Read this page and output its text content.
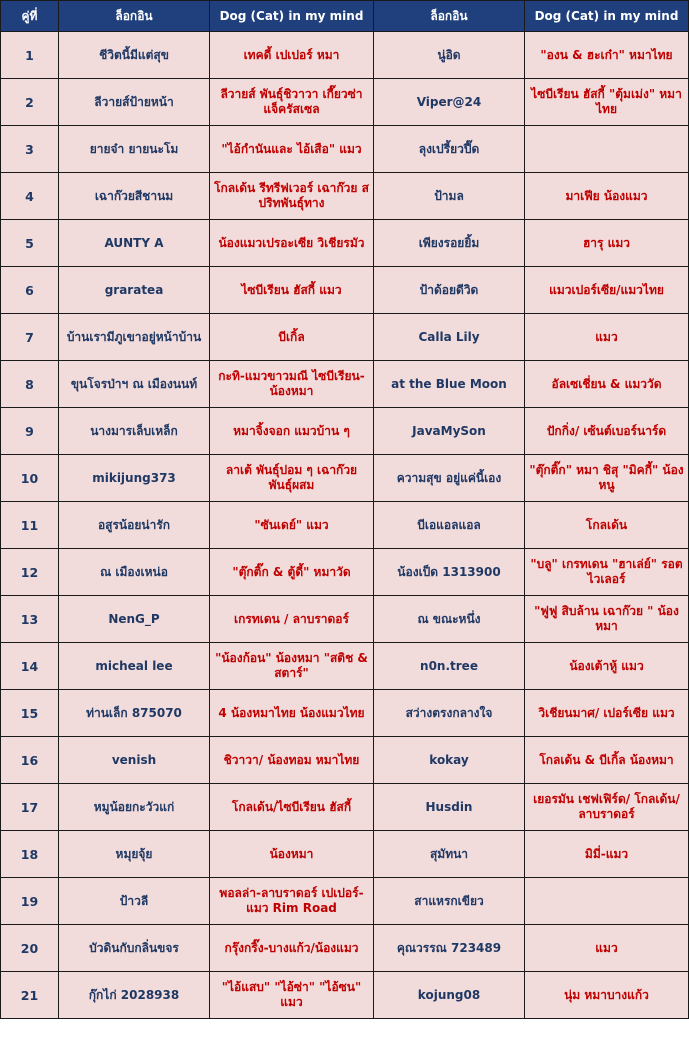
คู่ที่	ล็อกอิน	Dog (Cat) in my mind	ล็อกอิน	Dog (Cat) in my mind
1	ชีวิตนี้มีแต่สุข	เทคดี้ เปเปอร์ หมา	นู่อิด	"องน & ฮะเก๋า" หมาไทย
2	ลีวายส์ป้ายหน้า	ลีวายส์ พันธุ์ชิวาวา เกี๊ยวซ่า แจ็ครัสเซล	Viper@24	ไซบีเรียน ฮัสกี้ "ตุ้มเม่ง" หมาไทย
3	ยายจ๋า ยายนะโม	"ไอ้กำนันและ ไอ้เสือ" แมว	ลุงเปรี้ยวปี๊ด	
4	เฉาก๊วยสีชานม	โกลเด้น รีทรีฟเวอร์ เฉาก๊วย สปริทพันธุ์ทาง	ป้ามล	มาเฟีย น้องแมว
5	AUNTY A	น้องแมวเปรอะเซีย วิเชียรมัว	เพียงรอยยิ้ม	ฮารุ แมว
6	graratea	ไซบีเรียน ฮัสกี้ แมว	ป้าด้อยดีวิด	แมวเปอร์เซีย/แมวไทย
7	บ้านเรามีภูเขาอยู่หน้าบ้าน	บีเกิ้ล	Calla Lily	แมว
8	ขุนโจรป่าฯ ณ เมืองนนท์	กะทิ-แมวขาวมณี ไซบีเรียน-น้องหมา	at the Blue Moon	อัลเซเชี่ยน & แมววัด
9	นางมารเล็บเหล็ก	หมาจิ้งจอก แมวบ้าน ๆ	JavaMySon	ปักกิ่ง/ เซ้นต์เบอร์นาร์ด
10	mikijung373	ลาเต้ พันธุ์ปอม ๆ เฉาก๊วย พันธุ์ผสม	ความสุข อยู่แค่นี้เอง	"ตุ๊กติ๊ก" หมา ชิสุ "มิคกี้" น้องหนู
11	อสูรน้อยน่ารัก	"ซันเดย์" แมว	บีเอแอลแอล	โกลเด้น
12	ณ เมืองเหน่อ	"ตุ๊กติ๊ก & ตู้ดี้" หมาวัด	น้องเป็ด 1313900	"บลู" เกรทเดน "ฮาเล่ย์" รอตไวเลอร์
13	NenG_P	เกรทเดน / ลาบราดอร์	ณ ขณะหนึ่ง	"ฟูฟู สิบล้าน เฉาก๊วย " น้องหมา
14	micheal lee	"น้องก้อน" น้องหมา "สติช & สตาร์"	n0n.tree	น้องเต้าหู้ แมว
15	ท่านเล็ก 875070	4 น้องหมาไทย น้องแมวไทย	สว่างตรงกลางใจ	วิเชียนมาศ/ เปอร์เซีย แมว
16	venish	ชิวาวา/ น้องทอม หมาไทย	kokay	โกลเด้น & บีเกิ้ล น้องหมา
17	หมูน้อยกะวัวแก่	โกลเด้น/ไซบีเรียน ฮัสกี้	Husdin	เยอรมัน เชฟเฟิร์ด/ โกลเด้น/ลาบราดอร์
18	หมุยจุ้ย	น้องหมา	สุมัทนา	มิมี่-แมว
19	ป้าวลี	พอลล่า-ลาบราดอร์ เปเปอร์- แมว Rim Road	สาแหรกเขียว	
20	บัวดินกับกลิ่นขจร	กรุ๊งกริ๊ง-บางแก้ว/น้องแมว	คุณวรรณ 723489	แมว
21	กุ๊กไก่ 2028938	"ไอ้แสบ" "ไอ้ซ่า" "ไอ้ซน" แมว	kojung08	นุ่ม หมาบางแก้ว
